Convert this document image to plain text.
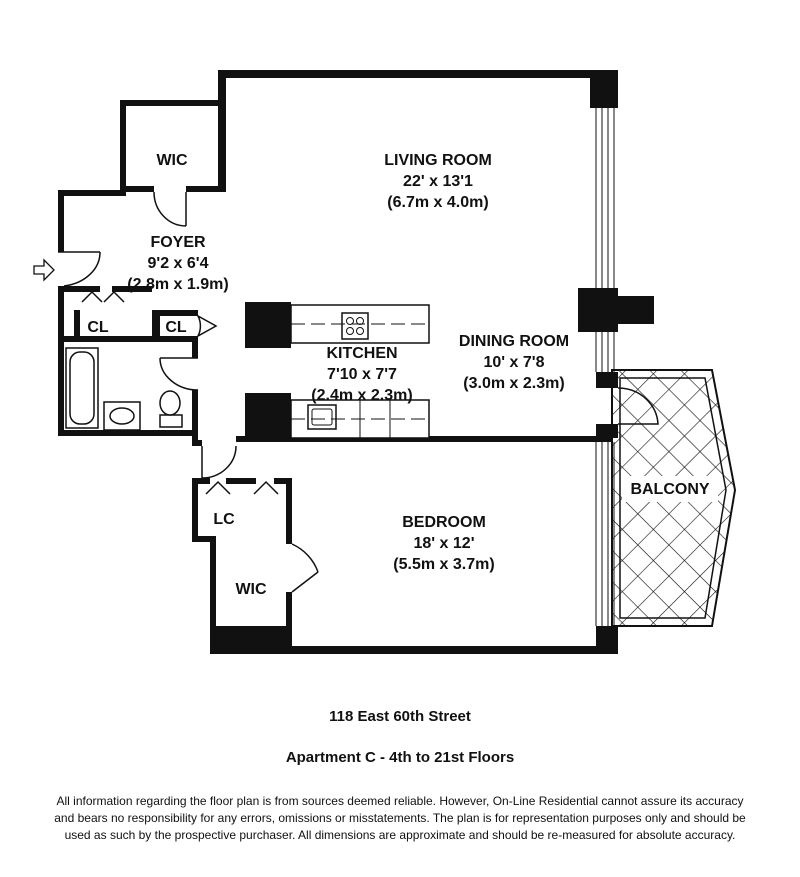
LIVING ROOM
22' x 13'1
(6.7m x 4.0m)
WIC
FOYER
9'2 x 6'4
(2.8m x 1.9m)
CL	CL
KITCHEN
7'10 x 7'7
(2.4m x 2.3m)
DINING ROOM
10' x 7'8
(3.0m x 2.3m)
BALCONY
LC	BEDROOM
18' x 12'
(5.5m x 3.7m)
WIC
118 East 60th Street
Apartment C - 4th to 21st Floors
All information regarding the floor plan is from sources deemed reliable. However, On-Line Residential cannot assure its accuracy
and bears no responsibility for any errors, omissions or misstatements. The plan is for representation purposes only and should be
used as such by the prospective purchaser. All dimensions are approximate and should be re-measured for absolute accuracy.
